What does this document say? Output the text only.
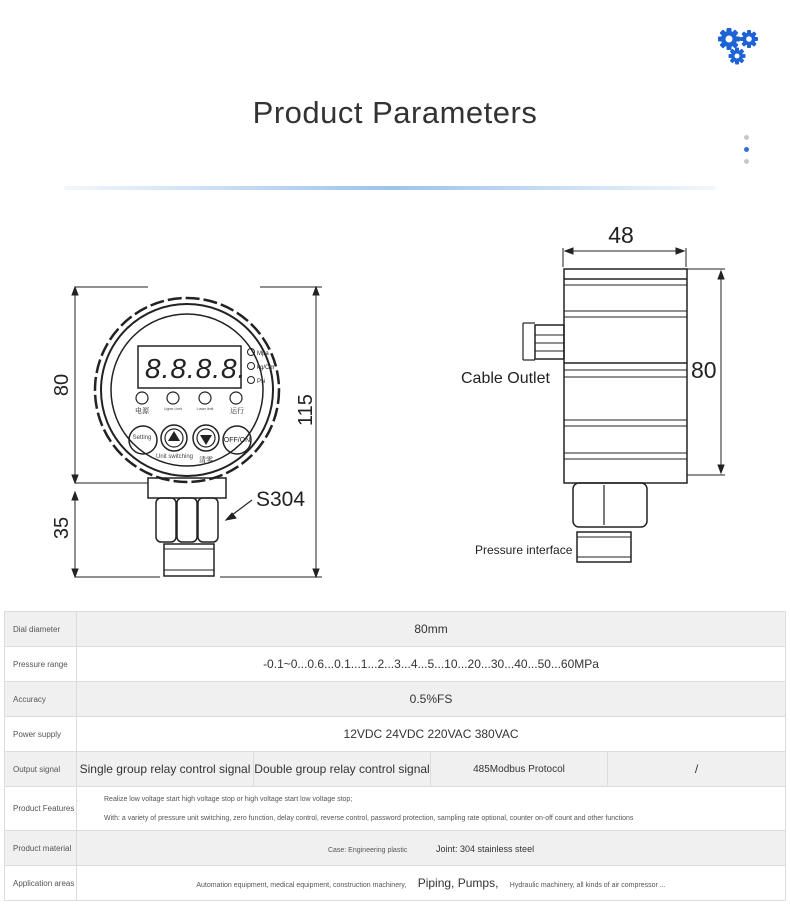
Product Parameters
80
35
115
S304
8.8.8.8. Mpa
kg/Cm
Psi
电源	Upper Limit	Lower limit 运行
Setting
Unit switching 清零
OFF/ON
48
80
Cable Outlet
Pressure interface
Dial diameter	80mm			
Pressure range	-0.1~0...0.6...0.1...1...2...3...4...5...10...20...30...40...50...60MPa			
Accuracy	0.5%FS			
Power supply	12VDC 24VDC 220VAC 380VAC			
Output signal	Single group relay control signal	Double group relay control signal	485Modbus Protocol	/
Product Features	Realize low voltage start high voltage stop or high voltage start low voltage stop;
With: a variety of pressure unit switching, zero function, delay control, reverse control, password protection, sampling rate optional, counter on-off count and other functions			

Product material	Case: Engineering plastic Joint: 304 stainless steel			
Application areas	Automation equipment, medical equipment, construction machinery, Piping, Pumps, Hydraulic machinery, all kinds of air compressor ...			
